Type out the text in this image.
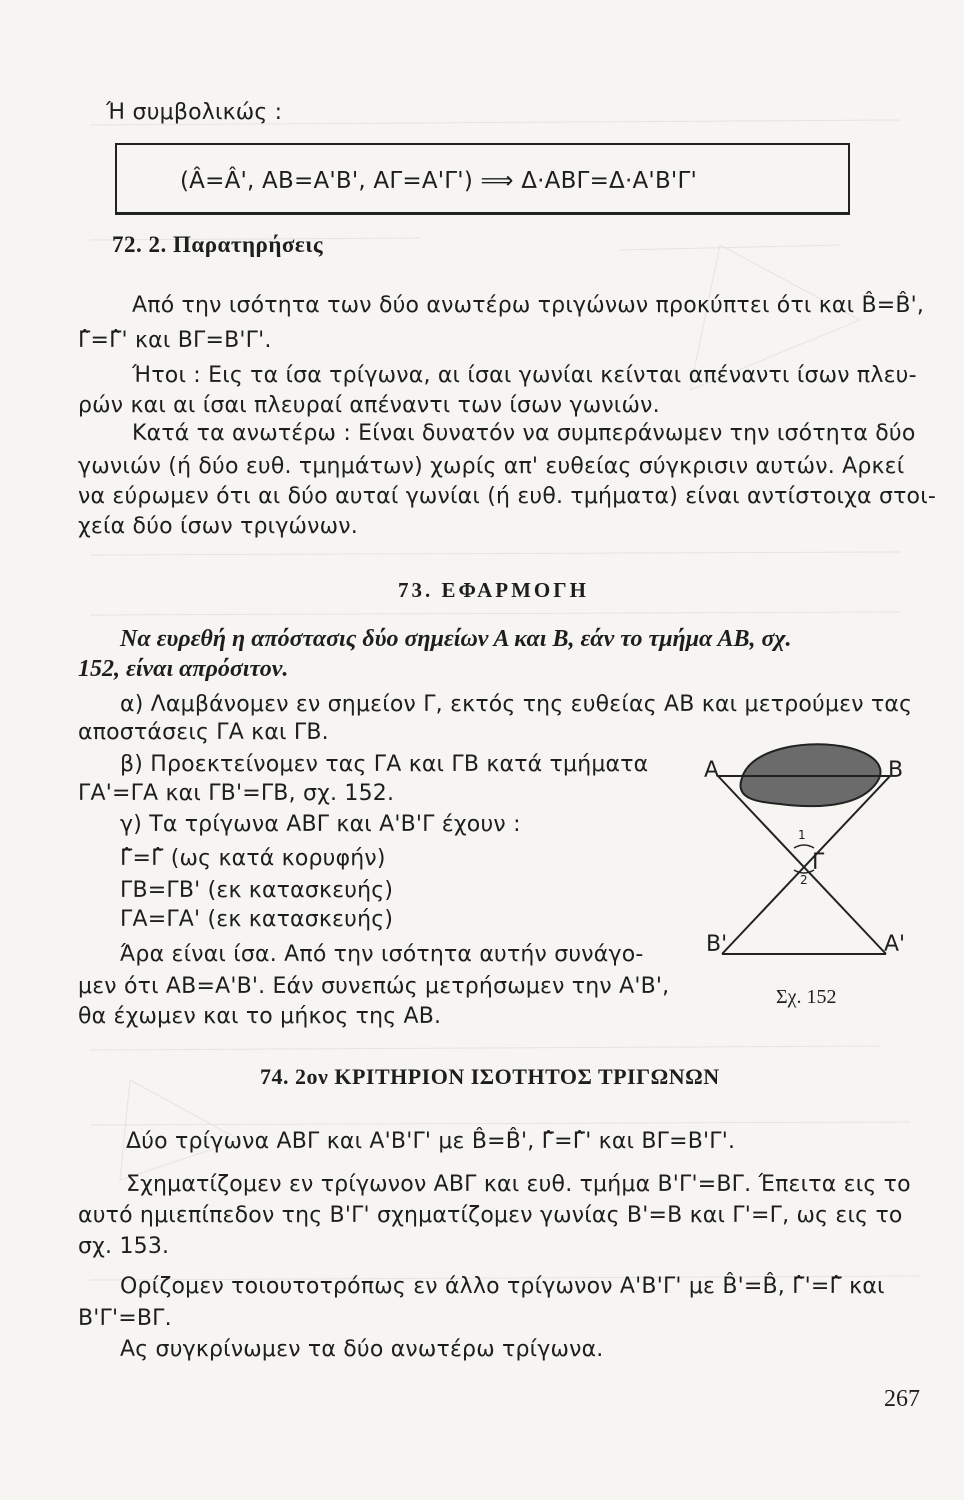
Ή συμβολικώς :
(Â=Â', ΑΒ=Α'Β', ΑΓ=Α'Γ') ⟹ Δ·ΑΒΓ=Δ·Α'Β'Γ'
72. 2. Παρατηρήσεις
Από την ισότητα των δύο ανωτέρω τριγώνων προκύπτει ότι και B̂=B̂',
Γ̂=Γ̂' και ΒΓ=Β'Γ'.
Ήτοι : Εις τα ίσα τρίγωνα, αι ίσαι γωνίαι κείνται απέναντι ίσων πλευ-
ρών και αι ίσαι πλευραί απέναντι των ίσων γωνιών.
Κατά τα ανωτέρω : Είναι δυνατόν να συμπεράνωμεν την ισότητα δύο
γωνιών (ή δύο ευθ. τμημάτων) χωρίς απ' ευθείας σύγκρισιν αυτών. Αρκεί
να εύρωμεν ότι αι δύο αυταί γωνίαι (ή ευθ. τμήματα) είναι αντίστοιχα στοι-
χεία δύο ίσων τριγώνων.
73. ΕΦΑΡΜΟΓΗ
Να ευρεθή η απόστασις δύο σημείων Α και Β, εάν το τμήμα ΑΒ, σχ.
152, είναι απρόσιτον.
α) Λαμβάνομεν εν σημείον Γ, εκτός της ευθείας ΑΒ και μετρούμεν τας
αποστάσεις ΓΑ και ΓΒ.
β) Προεκτείνομεν τας ΓΑ και ΓΒ κατά τμήματα
ΓΑ'=ΓΑ και ΓΒ'=ΓΒ, σχ. 152.
γ) Τα τρίγωνα ΑΒΓ και Α'Β'Γ έχουν :
Γ̂=Γ̂ (ως κατά κορυφήν)
ΓΒ=ΓΒ' (εκ κατασκευής)
ΓΑ=ΓΑ' (εκ κατασκευής)
Άρα είναι ίσα. Από την ισότητα αυτήν συνάγο-
μεν ότι ΑΒ=Α'Β'. Εάν συνεπώς μετρήσωμεν την Α'Β',
θα έχωμεν και το μήκος της ΑΒ.
Α	Β
Γ
1
2
Β'	Α'
Σχ. 152
74. 2ον ΚΡΙΤΗΡΙΟΝ ΙΣΟΤΗΤΟΣ ΤΡΙΓΩΝΩΝ
Δύο τρίγωνα ΑΒΓ και Α'Β'Γ' με B̂=B̂', Γ̂=Γ̂' και ΒΓ=Β'Γ'.
Σχηματίζομεν εν τρίγωνον ΑΒΓ και ευθ. τμήμα Β'Γ'=ΒΓ. Έπειτα εις το
αυτό ημιεπίπεδον της Β'Γ' σχηματίζομεν γωνίας Β'=Β και Γ'=Γ, ως εις το
σχ. 153.
Ορίζομεν τοιουτοτρόπως εν άλλο τρίγωνον Α'Β'Γ' με B̂'=B̂, Γ̂'=Γ̂ και
Β'Γ'=ΒΓ.
Ας συγκρίνωμεν τα δύο ανωτέρω τρίγωνα.
267
